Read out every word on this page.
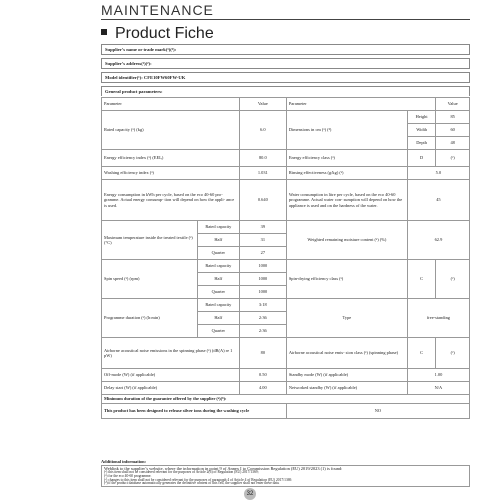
MAINTENANCE
Product Fiche
Supplier’s name or trade mark(¹)(²):
Supplier’s address(¹)(²):
Model identifier(¹): CFE10FW60FW-UK
General product parameters:
Parameter		Value	Parameter		Value
Rated capacity (ᵃ) (kg)		6.0	Dimensions in cm (ᵃ) (²)	Height	85
				Width	60
				Depth	48
Energy efficiency index (ᵃ) (EEIᵥ)		80.0	Energy efficiency class (ᵃ)	D	(ᵉ)
Washing efficiency index (ᵃ)		1.031	Rinsing effectiveness (g/kg) (ᵃ)	5.0	
Energy consumption in kWh per cycle, based on the eco 40-60 pro- gramme. Actual energy consump- tion will depend on how the appli- ance is used.		0.640	Water consumption in litre per cycle, based on the eco 40-60 programme. Actual water con- sumption will depend on how the appliance is used and on the hardness of the water.	45	
Maximum temperature inside the treated textile (ᵃ) (°C)	Rated capacity	39	Weighted remaining moisture content (ᵃ) (%)	62.9	
	Half	31			
	Quarter	27			
Spin speed (ᵃ) (rpm)	Rated capacity	1000	Spin-drying efficiency class (ᵃ)	C	(ᵉ)
	Half	1000			
	Quarter	1000			
Programme duration (ᵃ) (h:min)	Rated capacity	3:18	Type	free-standing	
	Half	2:36			
	Quarter	2:36			
Airborne acoustical noise emissions in the spinning phase (ᵃ) (dB(A) re 1 pW)		80	Airborne acoustical noise emis- sion class (ᵃ) (spinning phase)	C	(ᵉ)
Off-mode (W) (if applicable)		0.50	Standby mode (W) (if applicable)	1.00	
Delay start (W) (if applicable)		4.00	Networked standby (W) (if applicable)	N/A	
Minimum duration of the guarantee offered by the supplier (ᵃ)(ᵇ):					
This product has been designed to release silver ions during the washing cycle			NO		
Additional information:
Weblink to the supplier’s website, where the information in point 9 of Annex I to Commission Regulation (EU) 2019/2023 (1) is found:
(ᵃ) this item shall not be considered relevant for the purposes of Article 2(6) of Regulation (EU) 2017/1369;
(ᵇ) for the eco 40-60 programme.
(ᶜ) changes to this item shall not be considered relevant for the purposes of paragraph 4 of Article 4 of Regulation (EU) 2017/1369.
(ᵈ) if the product database automatically generates the definitive content of this cell, the supplier shall not enter these data.
32
